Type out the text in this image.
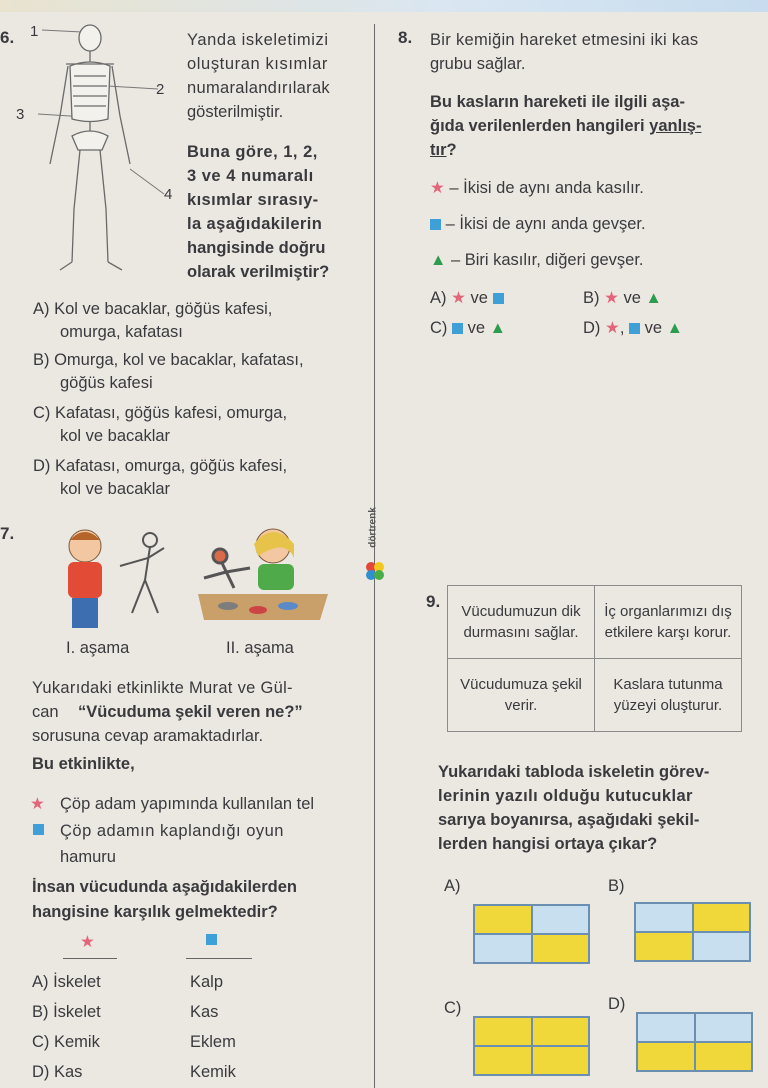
6. 1
2
3
4
Yanda iskeletimizi
oluşturan kısımlar
numaralandırılarak
gösterilmiştir.
Buna göre, 1, 2,
3 ve 4 numaralı
kısımlar sırasıy-
la aşağıdakilerin
hangisinde doğru
olarak verilmiştir?
A) Kol ve bacaklar, göğüs kafesi,
omurga, kafatası
B) Omurga, kol ve bacaklar, kafatası,
göğüs kafesi
C) Kafatası, göğüs kafesi, omurga,
kol ve bacaklar
D) Kafatası, omurga, göğüs kafesi,
kol ve bacaklar
7.
I. aşama	II. aşama
Yukarıdaki etkinlikte Murat ve Gül-
can “Vücuduma şekil veren ne?”
sorusuna cevap aramaktadırlar.
Bu etkinlikte,
★ Çöp adam yapımında kullanılan tel
Çöp adamın kaplandığı oyun
hamuru
İnsan vücudunda aşağıdakilerden
hangisine karşılık gelmektedir?
★
A) İskelet	Kalp
B) İskelet	Kas
C) Kemik	Eklem
D) Kas	Kemik
dörtrenk
8. Bir kemiğin hareket etmesini iki kas
grubu sağlar.
Bu kasların hareketi ile ilgili aşa-
ğıda verilenlerden hangileri yanlış-
tır?
★ – İkisi de aynı anda kasılır.
– İkisi de aynı anda gevşer.
▲ – Biri kasılır, diğeri gevşer.
A) ★ ve	B) ★ ve ▲
C) ve ▲	D) ★,  ve ▲
9.
Vücudumuzun dik durmasını sağlar.	İç organlarımızı dış etkilere karşı korur.
Vücudumuza şekil verir.	Kaslara tutunma yüzeyi oluşturur.
Yukarıdaki tabloda iskeletin görev-
lerinin yazılı olduğu kutucuklar
sarıya boyanırsa, aşağıdaki şekil-
lerden hangisi ortaya çıkar?
A)	B)
C)	D)
